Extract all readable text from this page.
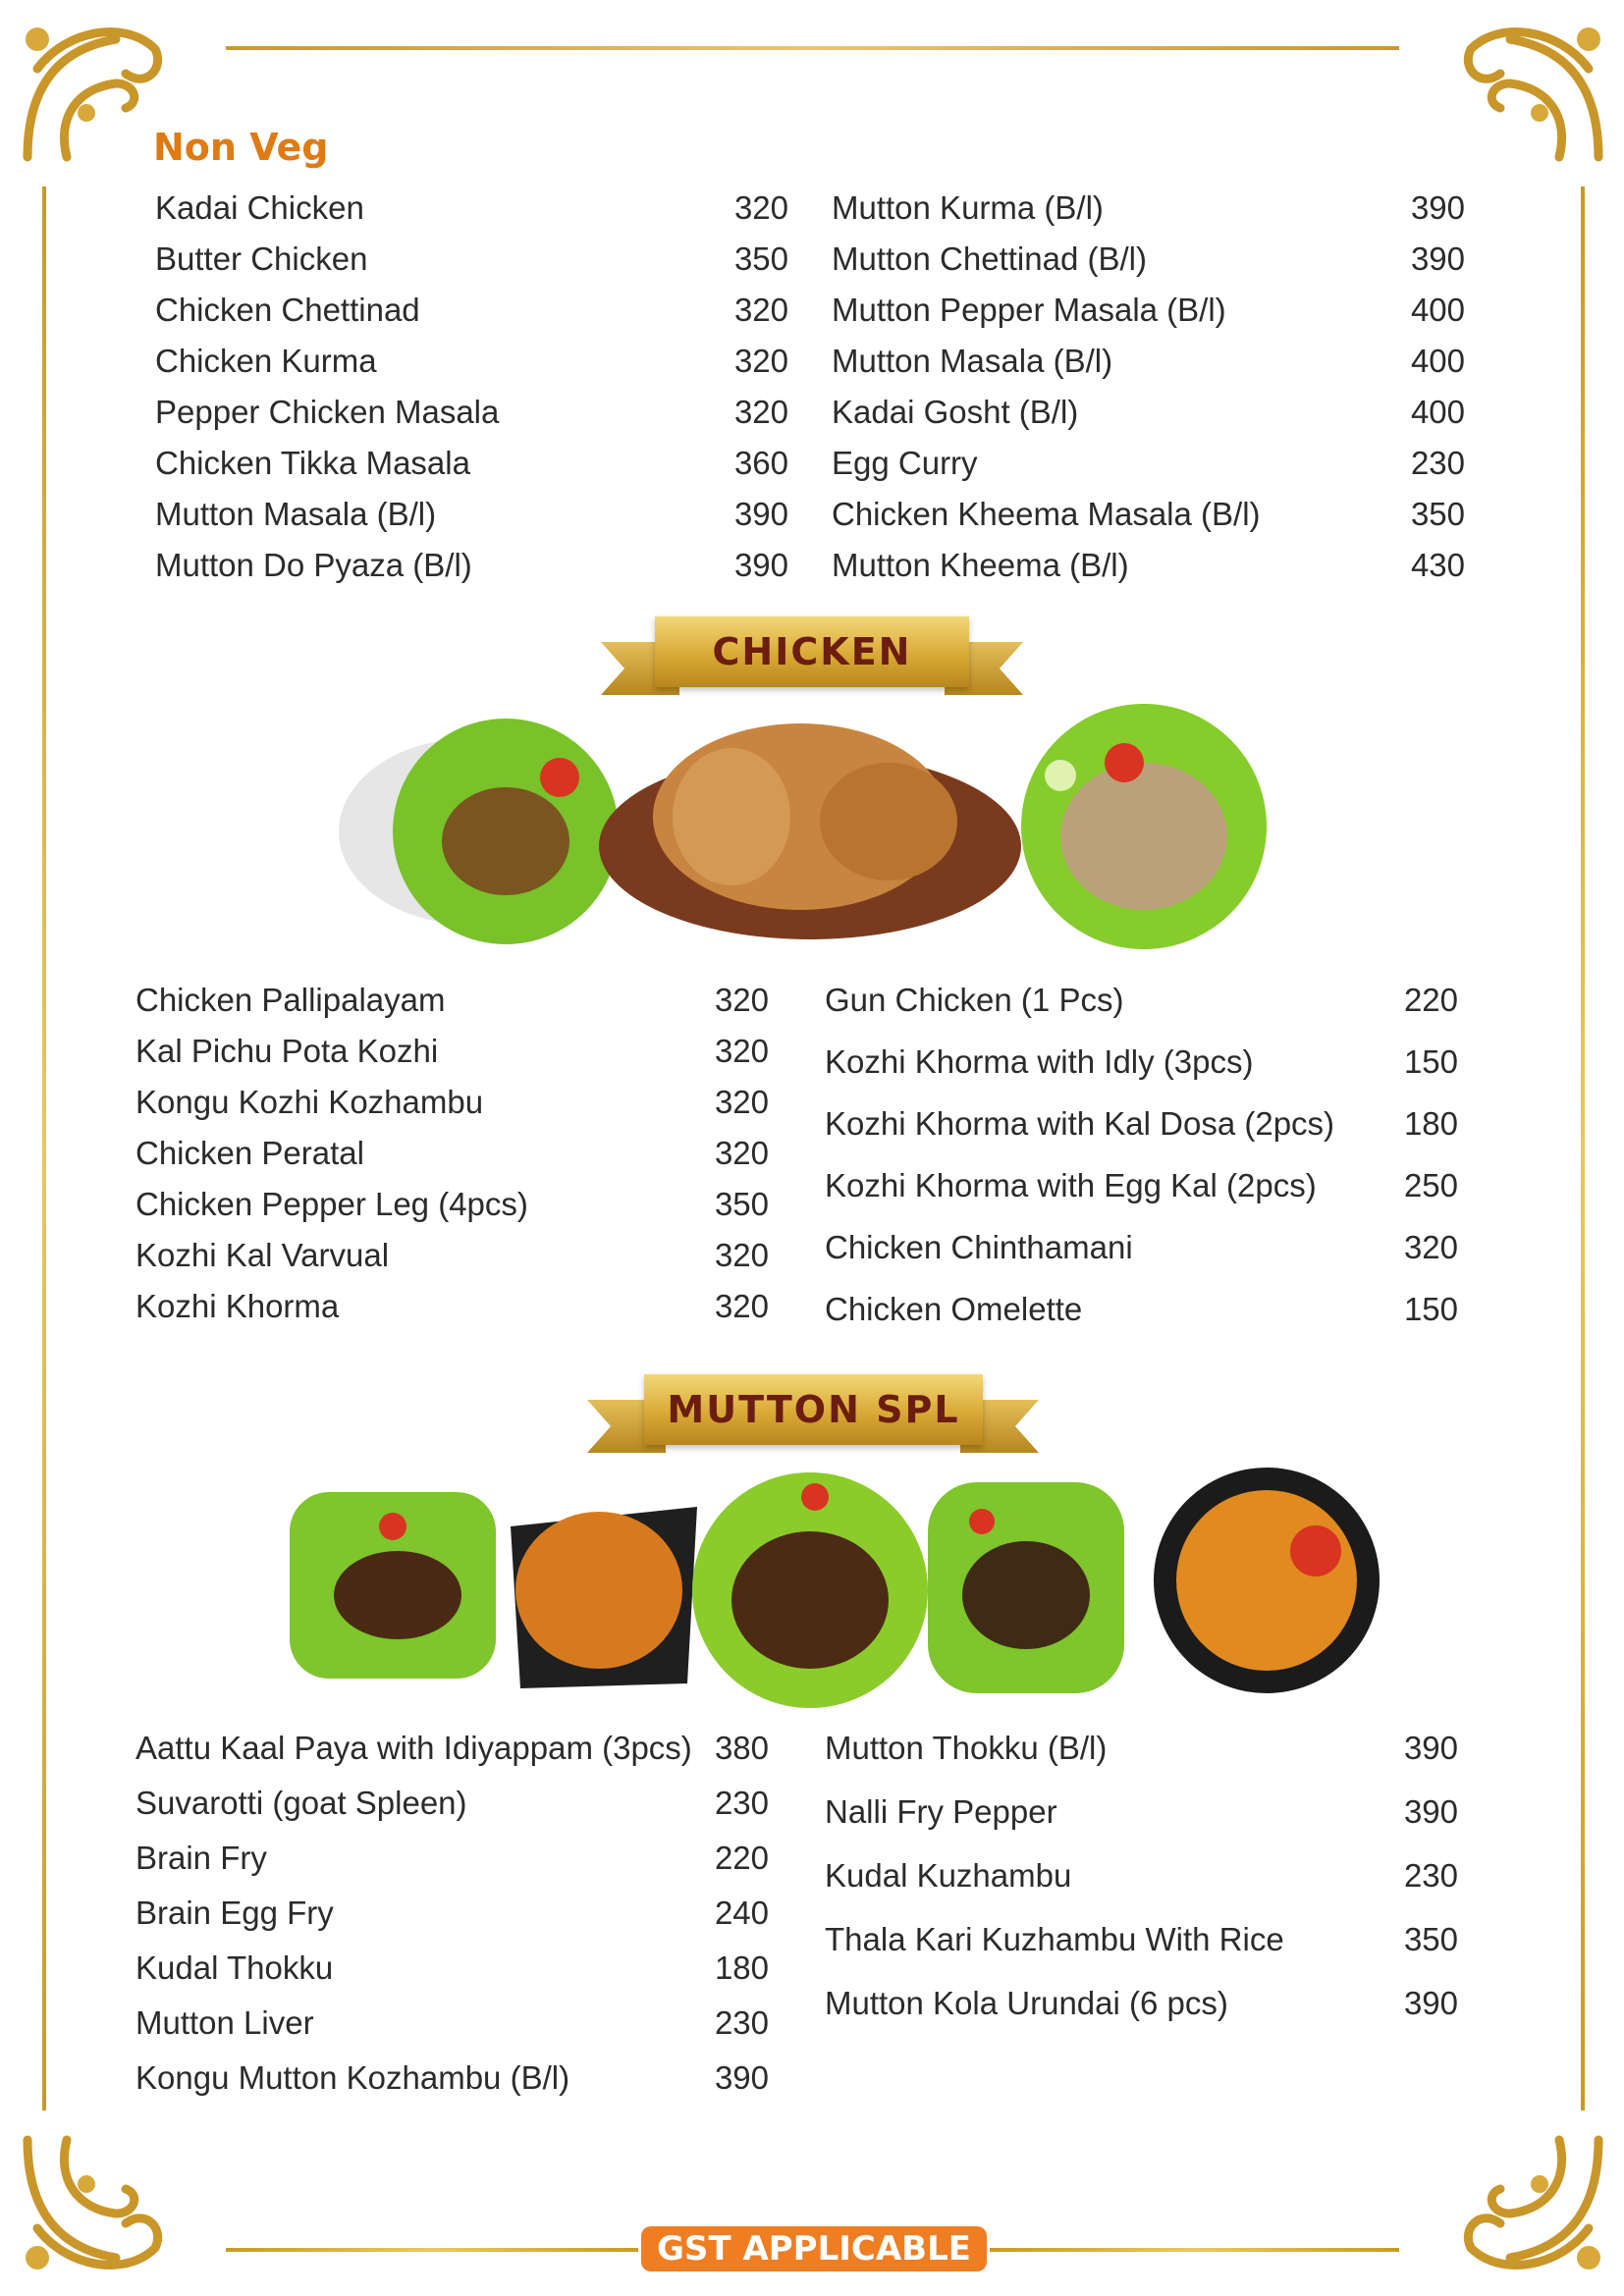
Non Veg
Kadai Chicken	320
Butter Chicken	350
Chicken Chettinad	320
Chicken Kurma	320
Pepper Chicken Masala	320
Chicken Tikka Masala	360
Mutton Masala (B/l)	390
Mutton Do Pyaza (B/l)	390
Mutton Kurma (B/l)	390
Mutton Chettinad (B/l)	390
Mutton Pepper Masala (B/l)	400
Mutton Masala (B/l)	400
Kadai Gosht (B/l)	400
Egg Curry	230
Chicken Kheema Masala (B/l)	350
Mutton Kheema (B/l)	430
CHICKEN
Chicken Pallipalayam	320
Kal Pichu Pota Kozhi	320
Kongu Kozhi Kozhambu	320
Chicken Peratal	320
Chicken Pepper Leg (4pcs)	350
Kozhi Kal Varvual	320
Kozhi Khorma	320
Gun Chicken (1 Pcs)	220
Kozhi Khorma with Idly (3pcs)	150
Kozhi Khorma with Kal Dosa (2pcs) 180
Kozhi Khorma with Egg Kal (2pcs)	250
Chicken Chinthamani	320
Chicken Omelette	150
MUTTON SPL
Aattu Kaal Paya with Idiyappam (3pcs) 380
Suvarotti (goat Spleen)	230
Brain Fry	220
Brain Egg Fry	240
Kudal Thokku	180
Mutton Liver	230
Kongu Mutton Kozhambu (B/l)	390
Mutton Thokku (B/l)	390
Nalli Fry Pepper	390
Kudal Kuzhambu	230
Thala Kari Kuzhambu With Rice	350
Mutton Kola Urundai (6 pcs)	390
GST APPLICABLE
